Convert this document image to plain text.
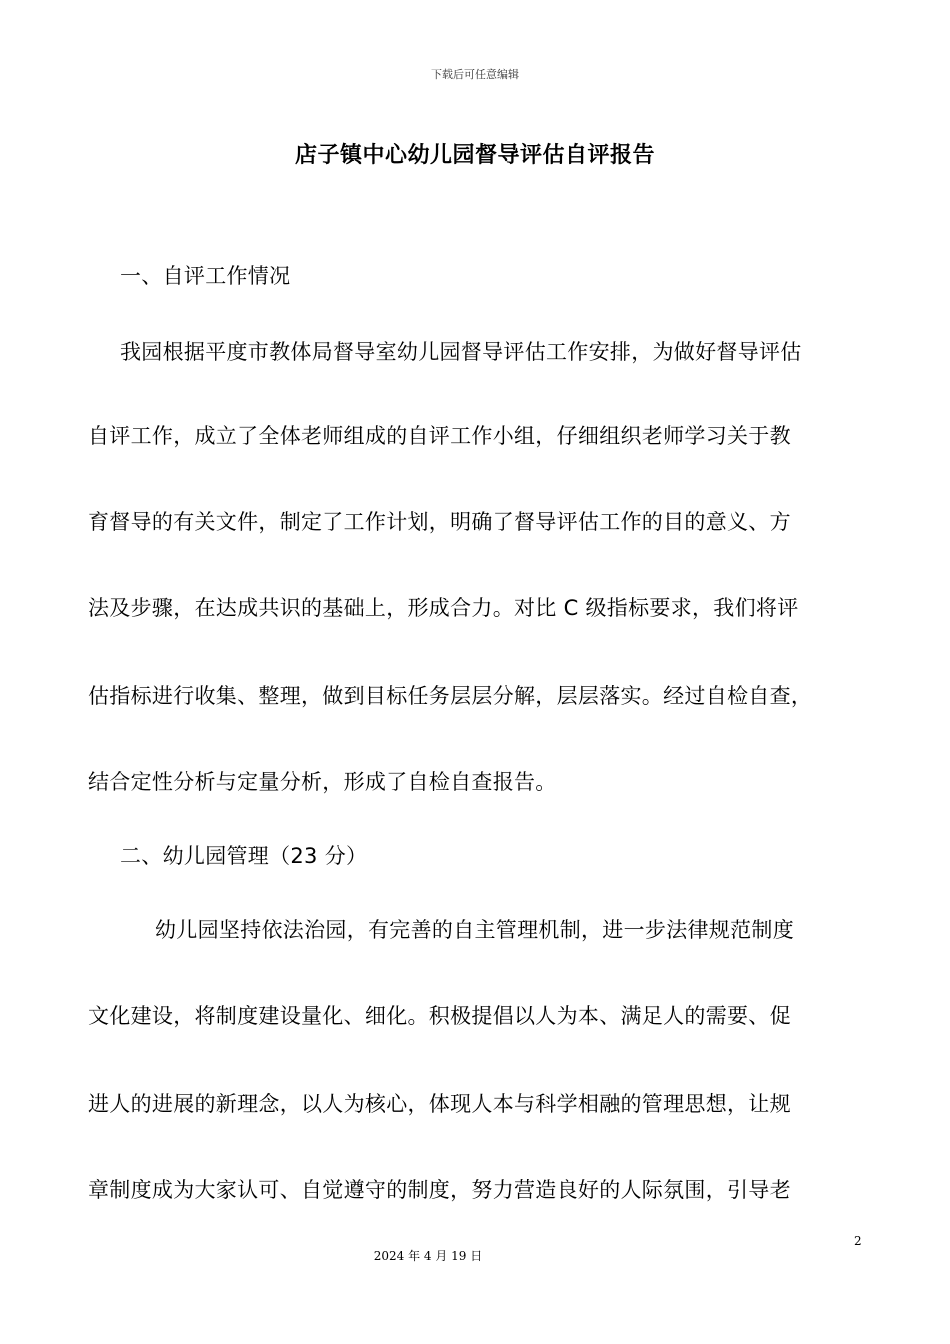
下载后可任意编辑
店子镇中心幼儿园督导评估自评报告
一、自评工作情况
我园根据平度市教体局督导室幼儿园督导评估工作安排，为做好督导评估
自评工作，成立了全体老师组成的自评工作小组，仔细组织老师学习关于教
育督导的有关文件，制定了工作计划，明确了督导评估工作的目的意义、方
法及步骤，在达成共识的基础上，形成合力。对比 C 级指标要求，我们将评
估指标进行收集、整理，做到目标任务层层分解，层层落实。经过自检自查，
结合定性分析与定量分析，形成了自检自查报告。
二、幼儿园管理（23 分）
幼儿园坚持依法治园，有完善的自主管理机制，进一步法律规范制度
文化建设，将制度建设量化、细化。积极提倡以人为本、满足人的需要、促
进人的进展的新理念，以人为核心，体现人本与科学相融的管理思想，让规
章制度成为大家认可、自觉遵守的制度，努力营造良好的人际氛围，引导老
2
2024 年 4 月 19 日
